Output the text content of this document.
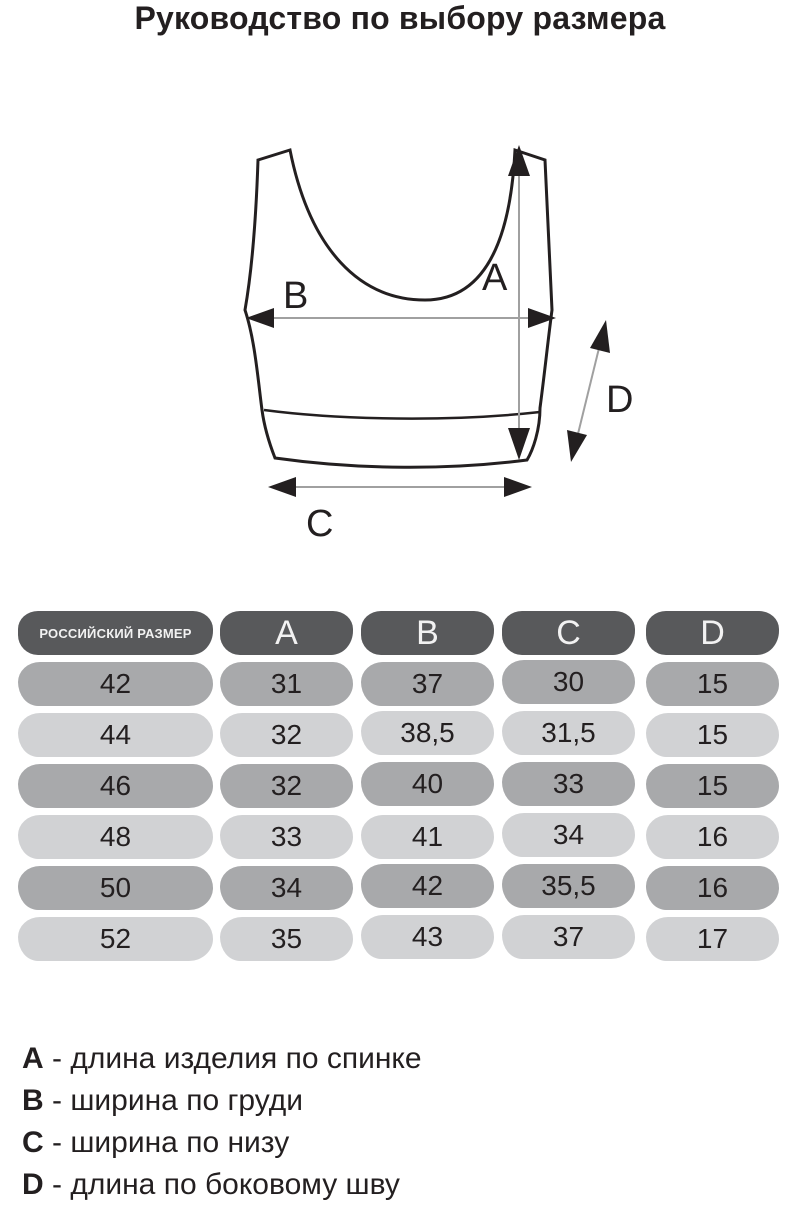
Руководство по выбору размера
B	A
C
D
РОССИЙСКИЙ РАЗМЕР	A	B	C	D
42	31	37	30	15
44	32	38,5	31,5	15
46	32	40	33	15
48	33	41	34	16
50	34	42	35,5	16
52	35	43	37	17
A - длина изделия по спинке
B - ширина по груди
C - ширина по низу
D - длина по боковому шву
